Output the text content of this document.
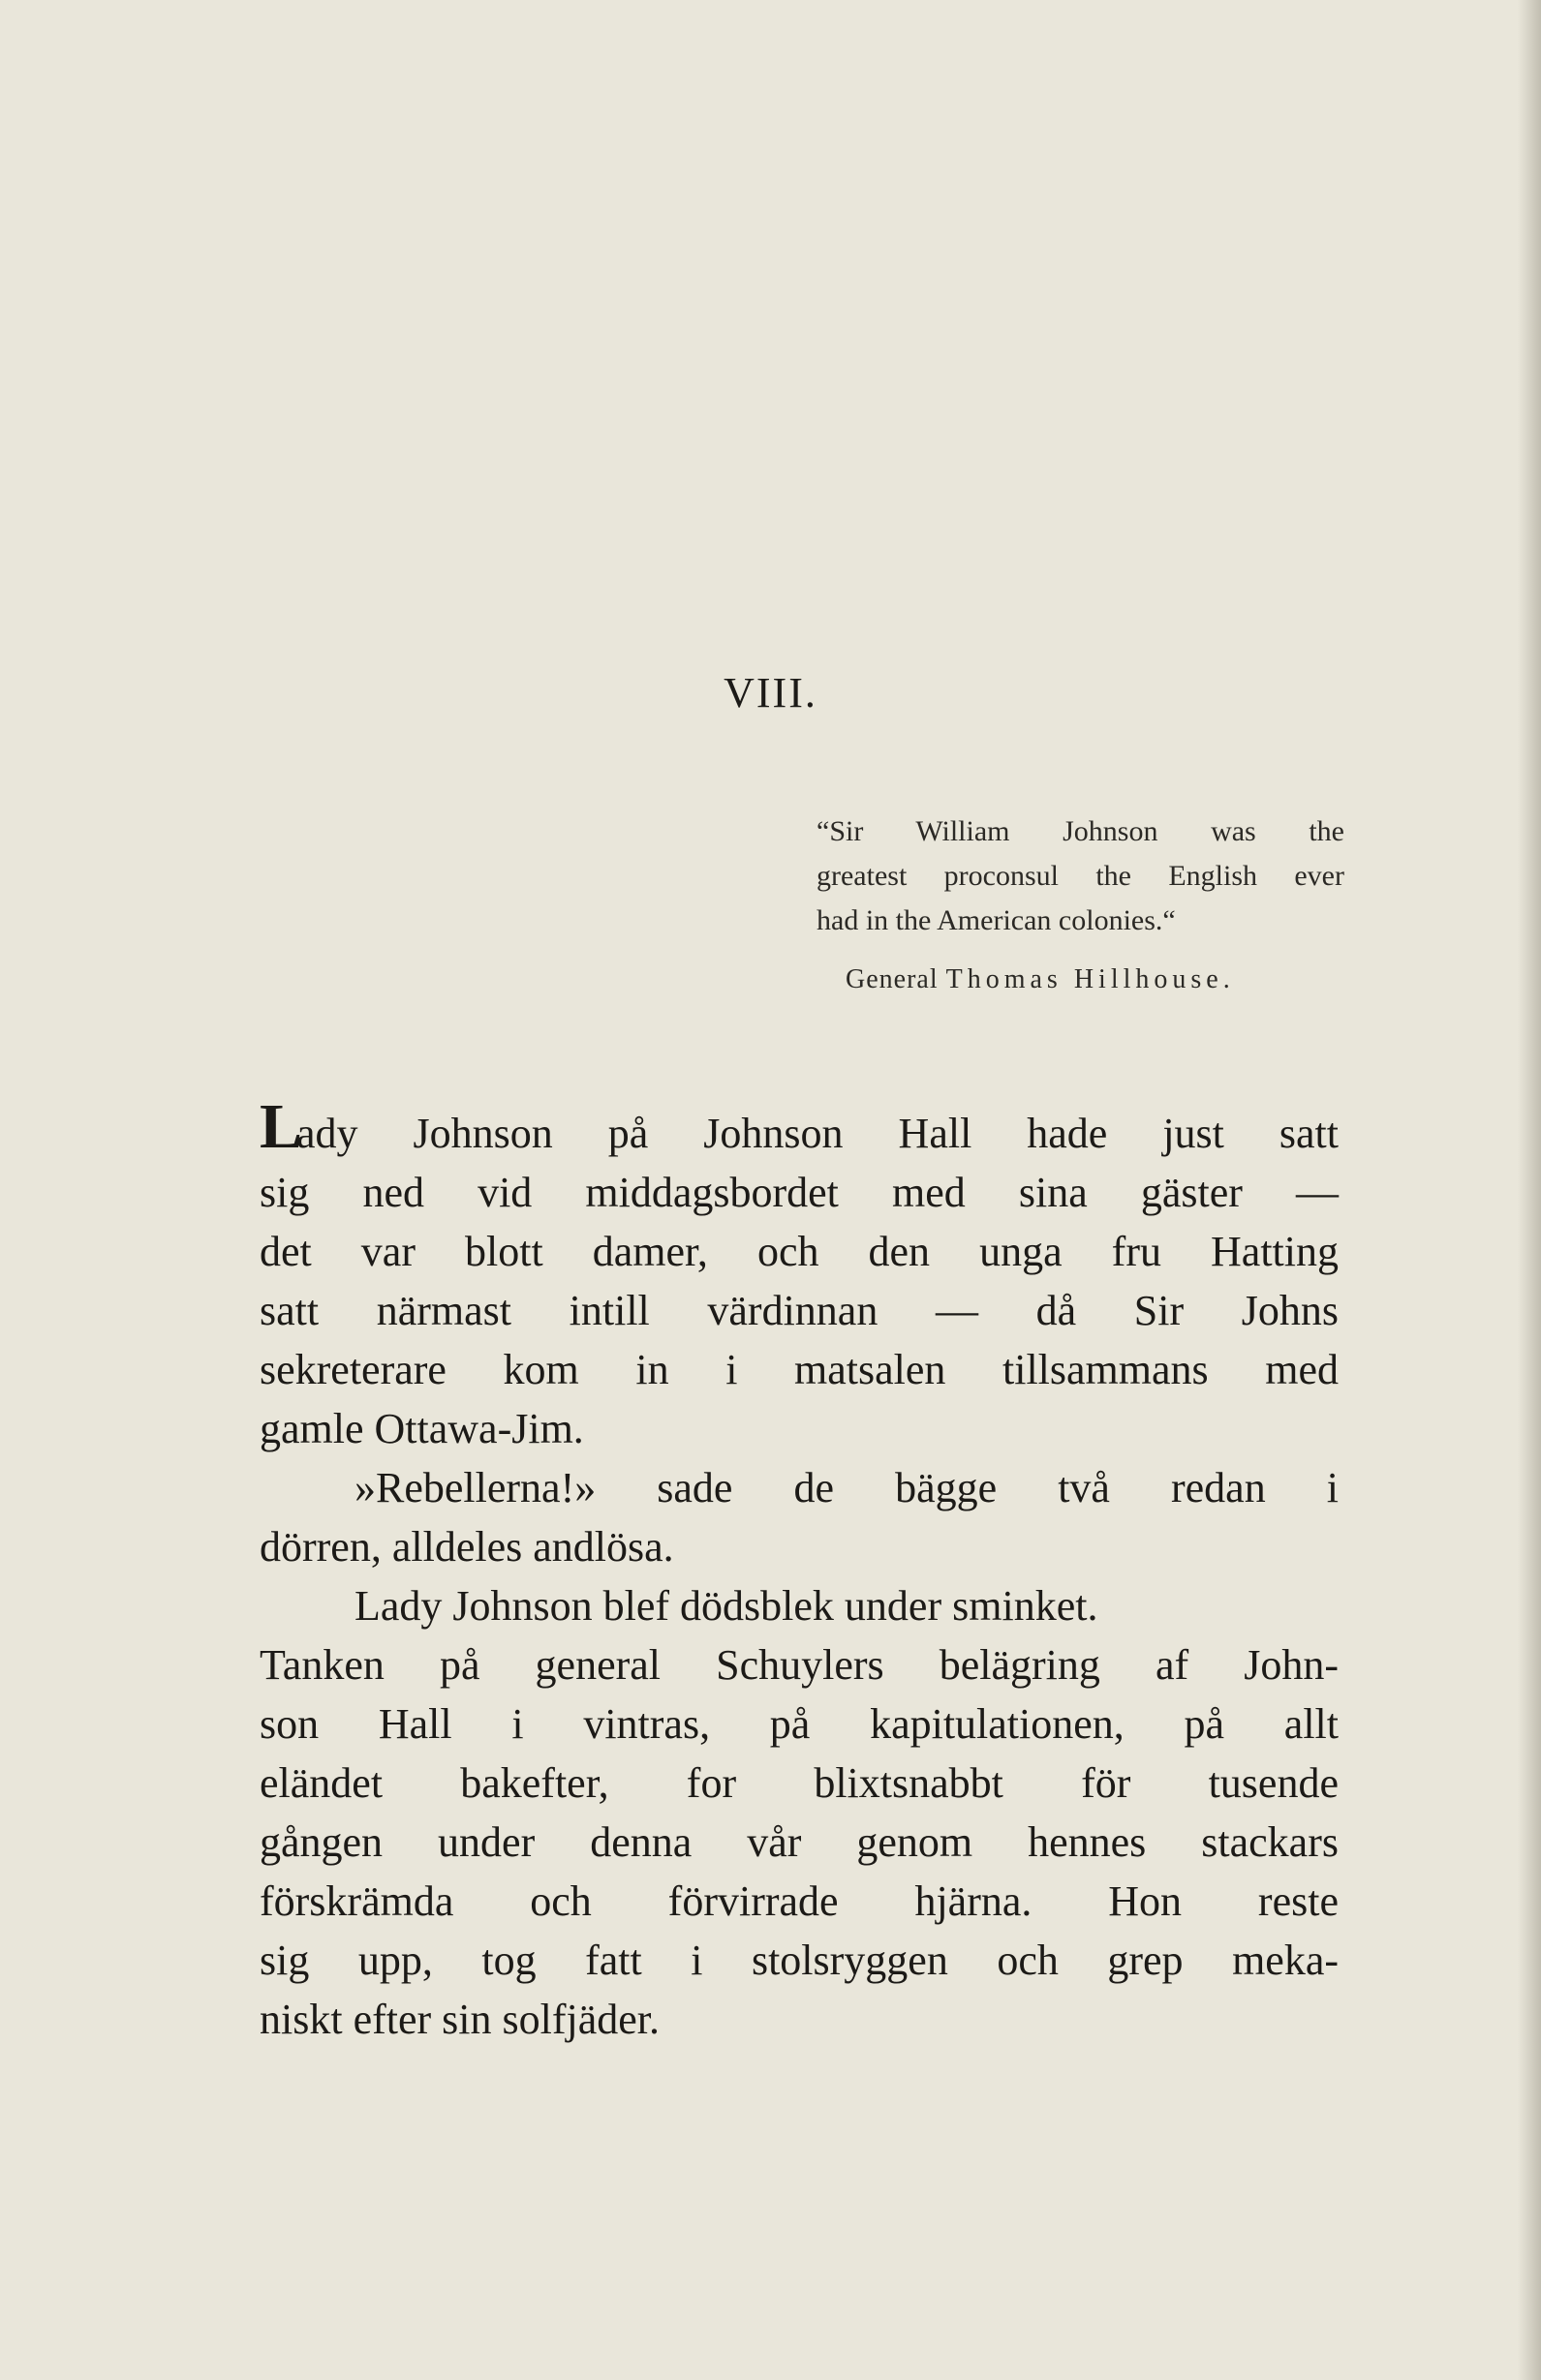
VIII.
“Sir William Johnson was the
greatest proconsul the English ever
had in the American colonies.“
General Thomas Hillhouse.
Lady Johnson på Johnson Hall hade just satt
sig ned vid middagsbordet med sina gäster —
det var blott damer, och den unga fru Hatting
satt närmast intill värdinnan — då Sir Johns
sekreterare kom in i matsalen tillsammans med
gamle Ottawa-Jim.
»Rebellerna!» sade de bägge två redan i
dörren, alldeles andlösa.
Lady Johnson blef dödsblek under sminket.
Tanken på general Schuylers belägring af John-
son Hall i vintras, på kapitulationen, på allt
eländet bakefter, for blixtsnabbt för tusende
gången under denna vår genom hennes stackars
förskrämda och förvirrade hjärna. Hon reste
sig upp, tog fatt i stolsryggen och grep meka-
niskt efter sin solfjäder.
